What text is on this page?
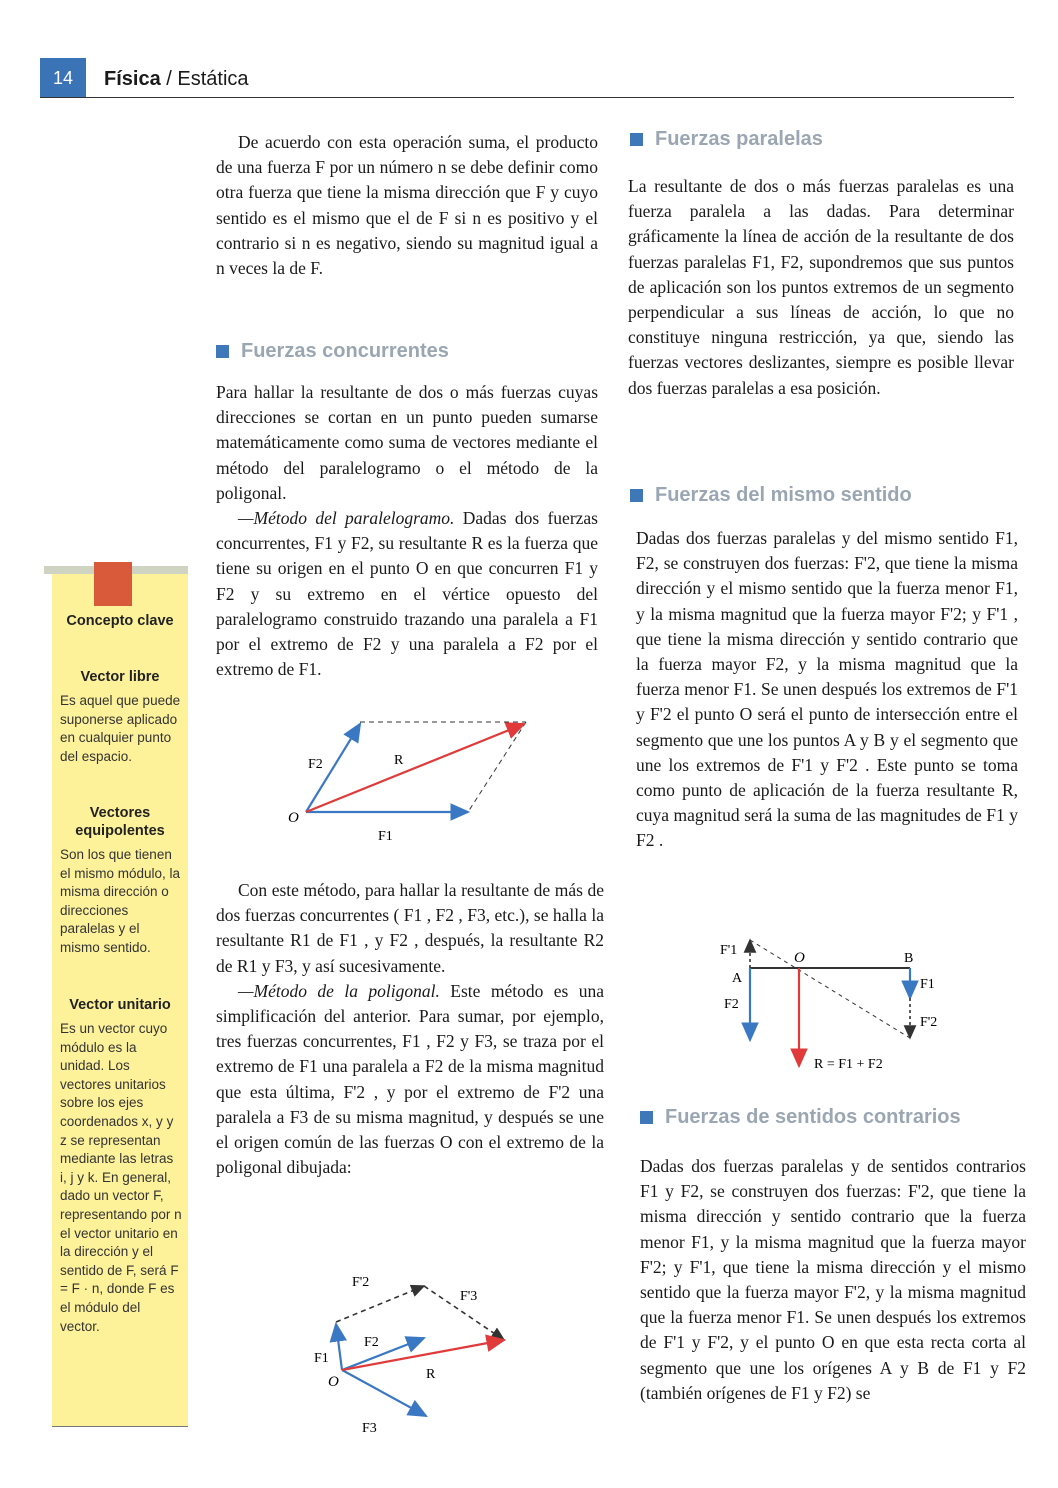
14	Física / Estática

De acuerdo con esta operación suma, el producto de una fuerza F por un número n se debe definir como otra fuerza que tiene la misma dirección que F y cuyo sentido es el mismo que el de F si n es positivo y el contrario si n es negativo, siendo su magnitud igual a n veces la de F.

Fuerzas concurrentes

Para hallar la resultante de dos o más fuerzas cuyas direcciones se cortan en un punto pueden sumarse matemáticamente como suma de vectores mediante el método del paralelogramo o el método de la poligonal.

—Método del paralelogramo. Dadas dos fuerzas concurrentes, F1 y F2, su resultante R es la fuerza que tiene su origen en el punto O en que concurren F1 y F2 y su extremo en el vértice opuesto del paralelogramo construido trazando una paralela a F1 por el extremo de F2 y una paralela a F2 por el extremo de F1.

O
F2	R
F1

Con este método, para hallar la resultante de más de dos fuerzas concurrentes ( F1 , F2 , F3, etc.), se halla la resultante R1 de F1 , y F2 , después, la resultante R2 de R1 y F3, y así sucesivamente.

—Método de la poligonal. Este método es una simplificación del anterior. Para sumar, por ejemplo, tres fuerzas concurrentes, F1 , F2 y F3, se traza por el extremo de F1 una paralela a F2 de la misma magnitud que esta última, F'2 , y por el extremo de F'2 una paralela a F3 de su misma magnitud, y después se une el origen común de las fuerzas O con el extremo de la poligonal dibujada:

F'2
F'3
F2
F1
O	R
F3
Fuerzas paralelas

La resultante de dos o más fuerzas paralelas es una fuerza paralela a las dadas. Para determinar gráficamente la línea de acción de la resultante de dos fuerzas paralelas F1, F2, supondremos que sus puntos de aplicación son los puntos extremos de un segmento perpendicular a sus líneas de acción, lo que no constituye ninguna restricción, ya que, siendo las fuerzas vectores deslizantes, siempre es posible llevar dos fuerzas paralelas a esa posición.

Fuerzas del mismo sentido

Dadas dos fuerzas paralelas y del mismo sentido F1, F2, se construyen dos fuerzas: F'2, que tiene la misma dirección y el mismo sentido que la fuerza menor F1, y la misma magnitud que la fuerza mayor F'2; y F'1 , que tiene la misma dirección y sentido contrario que la fuerza mayor F2, y la misma magnitud que la fuerza menor F1. Se unen después los extremos de F'1 y F'2 el punto O será el punto de intersección entre el segmento que une los puntos A y B y el segmento que une los extremos de F'1 y F'2 . Este punto se toma como punto de aplicación de la fuerza resultante R, cuya magnitud será la suma de las magnitudes de F1 y F2 .

F'1
A
F2
O	B
F1
F'2
R = F1 + F2
Fuerzas de sentidos contrarios

Dadas dos fuerzas paralelas y de sentidos contrarios F1 y F2, se construyen dos fuerzas: F'2, que tiene la misma dirección y sentido contrario que la fuerza menor F1, y la misma magnitud que la fuerza mayor F'2; y F'1, que tiene la misma dirección y el mismo sentido que la fuerza mayor F'2, y la misma magnitud que la fuerza menor F1. Se unen después los extremos de F'1 y F'2, y el punto O en que esta recta corta al segmento que une los orígenes A y B de F1 y F2 (también orígenes de F1 y F2) se

Concepto clave
Vector libre
Es aquel que puede suponerse aplicado en cualquier punto del espacio.
Vectores equipolentes
Son los que tienen el mismo módulo, la misma dirección o direcciones paralelas y el mismo sentido.
Vector unitario
Es un vector cuyo módulo es la unidad. Los vectores unitarios sobre los ejes coordenados x, y y z se representan mediante las letras i, j y k. En general, dado un vector F, representando por n el vector unitario en la dirección y el sentido de F, será F = F · n, donde F es el módulo del vector.
